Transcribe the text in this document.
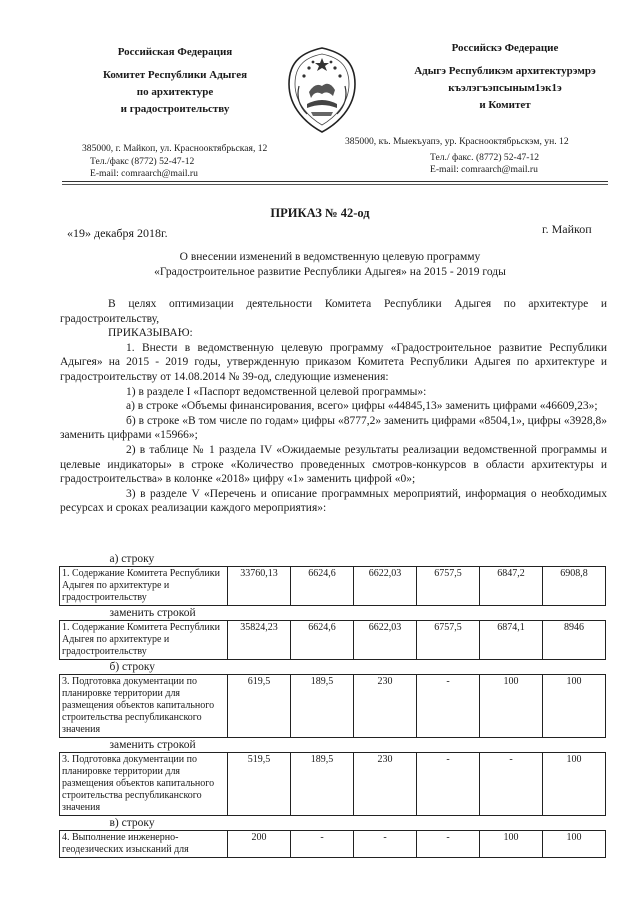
Российская Федерация
Комитет Республики Адыгея
по архитектуре
и градостроительству
Российскэ Федерацие
Адыгэ Республикэм архитектурэмрэ
къэлэгъэпсыным1эк1э
и Комитет
385000, г. Майкоп, ул. Краснооктябрьская, 12
Тел./факс (8772) 52-47-12
E-mail: comraarch@mail.ru
385000, къ. Мыекъуапэ, ур. Краснооктябрьскэм, ун. 12
Тел./ факс. (8772) 52-47-12
E-mail: comraarch@mail.ru
ПРИКАЗ № 42-од
«19» декабря 2018г.	г. Майкоп
О внесении изменений в ведомственную целевую программу
«Градостроительное развитие Республики Адыгея» на 2015 - 2019 годы

В целях оптимизации деятельности Комитета Республики Адыгея по архитектуре и градостроительству,

ПРИКАЗЫВАЮ:

1. Внести в ведомственную целевую программу «Градостроительное развитие Республики Адыгея» на 2015 - 2019 годы, утвержденную приказом Комитета Республики Адыгея по архитектуре и градостроительству от 14.08.2014 № 39-од, следующие изменения:

1) в разделе I «Паспорт ведомственной целевой программы»:

а) в строке «Объемы финансирования, всего» цифры «44845,13» заменить цифрами «46609,23»;

б) в строке «В том числе по годам» цифры «8777,2» заменить цифрами «8504,1», цифры «3928,8» заменить цифрами «15966»;

2) в таблице № 1 раздела IV «Ожидаемые результаты реализации ведомственной программы и целевые индикаторы» в строке «Количество проведенных смотров-конкурсов в области архитектуры и градостроительства» в колонке «2018» цифру «1» заменить цифрой «0»;

3) в разделе V «Перечень и описание программных мероприятий, информация о необходимых ресурсах и сроках реализации каждого мероприятия»:

а) строку						
1. Содержание Комитета Республики Адыгея по архитектуре и градостроительству	33760,13	6624,6	6622,03	6757,5	6847,2	6908,8
заменить строкой						
1. Содержание Комитета Республики Адыгея по архитектуре и градостроительству	35824,23	6624,6	6622,03	6757,5	6874,1	8946
б) строку						
3. Подготовка документации по планировке территории для размещения объектов капитального строительства республиканского значения	619,5	189,5	230	-	100	100
заменить строкой						
3. Подготовка документации по планировке территории для размещения объектов капитального строительства республиканского значения	519,5	189,5	230	-	-	100
в) строку						
4. Выполнение инженерно-геодезических изысканий для	200	-	-	-	100	100
